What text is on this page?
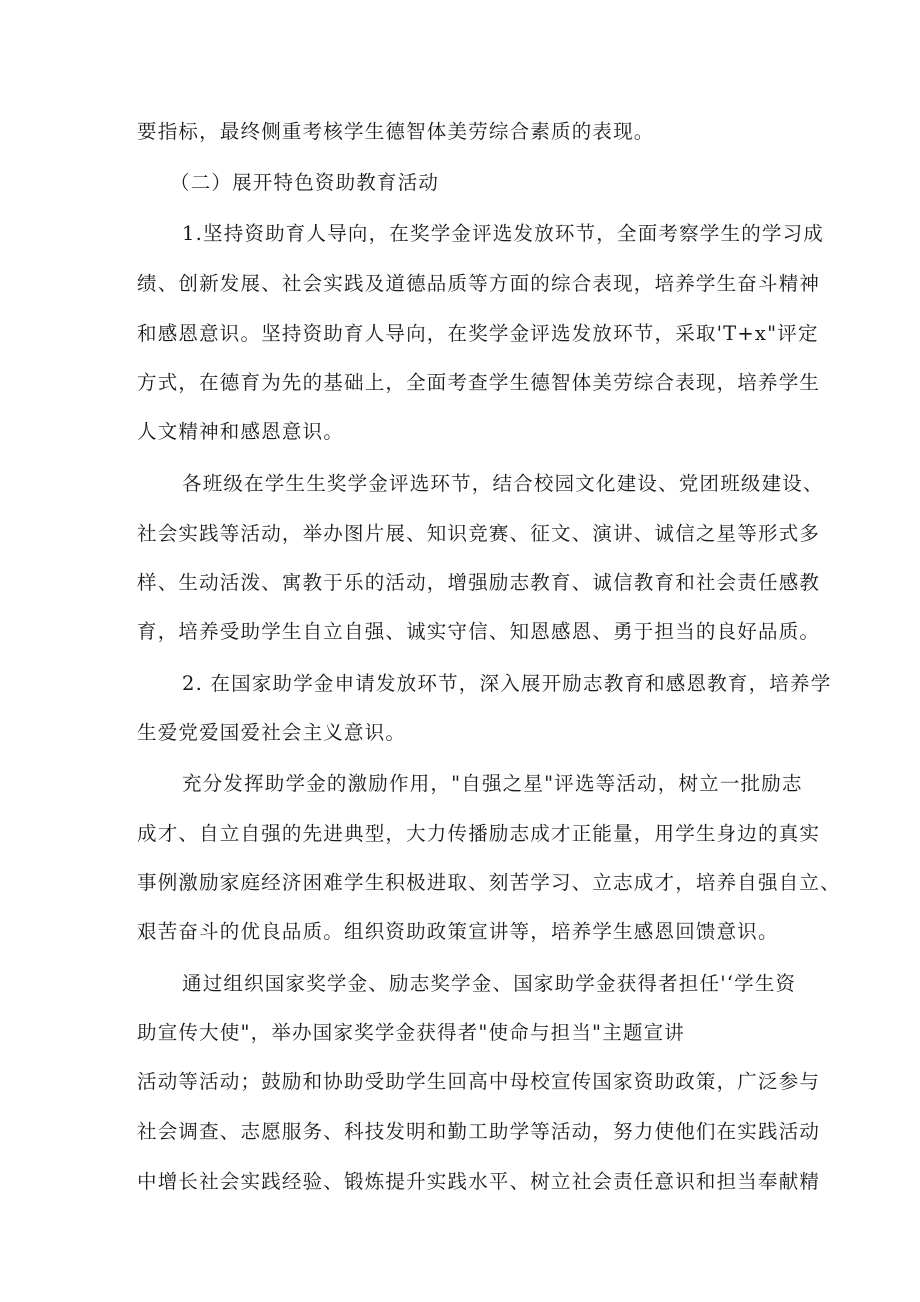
要指标，最终侧重考核学生德智体美劳综合素质的表现。
（二）展开特色资助教育活动
1.坚持资助育人导向，在奖学金评选发放环节，全面考察学生的学习成
绩、创新发展、社会实践及道德品质等方面的综合表现，培养学生奋斗精神
和感恩意识。坚持资助育人导向，在奖学金评选发放环节，采取'T+x"评定
方式，在德育为先的基础上，全面考查学生德智体美劳综合表现，培养学生
人文精神和感恩意识。
各班级在学生生奖学金评选环节，结合校园文化建设、党团班级建设、
社会实践等活动，举办图片展、知识竞赛、征文、演讲、诚信之星等形式多
样、生动活泼、寓教于乐的活动，增强励志教育、诚信教育和社会责任感教
育，培养受助学生自立自强、诚实守信、知恩感恩、勇于担当的良好品质。
2. 在国家助学金申请发放环节，深入展开励志教育和感恩教育，培养学
生爱党爱国爱社会主义意识。
充分发挥助学金的激励作用，"自强之星"评选等活动，树立一批励志
成才、自立自强的先进典型，大力传播励志成才正能量，用学生身边的真实
事例激励家庭经济困难学生积极进取、刻苦学习、立志成才，培养自强自立、
艰苦奋斗的优良品质。组织资助政策宣讲等，培养学生感恩回馈意识。
通过组织国家奖学金、励志奖学金、国家助学金获得者担任'‘学生资
助宣传大使"，举办国家奖学金获得者"使命与担当"主题宣讲
活动等活动；鼓励和协助受助学生回高中母校宣传国家资助政策，广泛参与
社会调查、志愿服务、科技发明和勤工助学等活动，努力使他们在实践活动
中增长社会实践经验、锻炼提升实践水平、树立社会责任意识和担当奉献精
